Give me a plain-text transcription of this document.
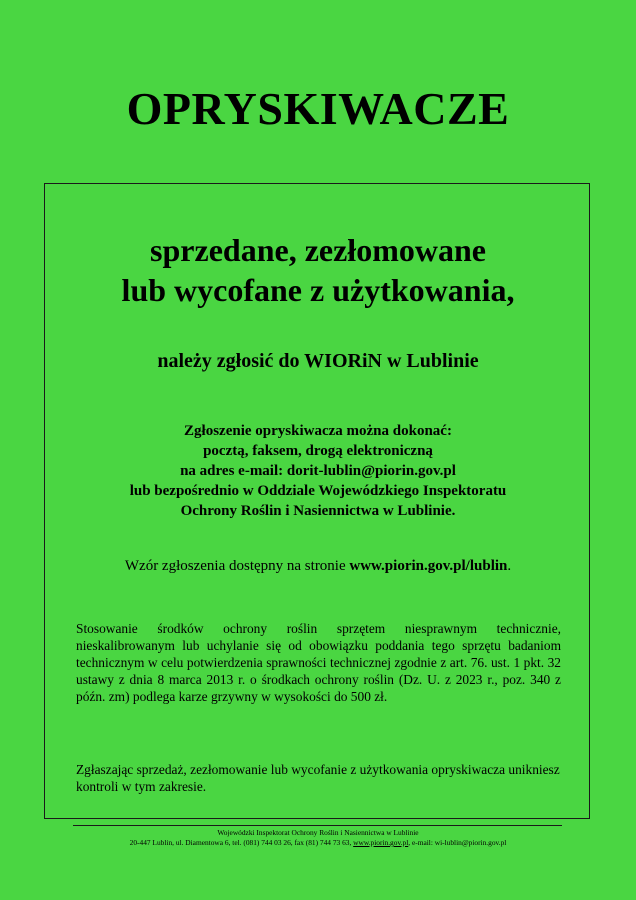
OPRYSKIWACZE
sprzedane, zezłomowane
lub wycofane z użytkowania,
należy zgłosić do WIORiN w Lublinie
Zgłoszenie opryskiwacza można dokonać:
pocztą, faksem, drogą elektroniczną
na adres e-mail: dorit-lublin@piorin.gov.pl
lub bezpośrednio w Oddziale Wojewódzkiego Inspektoratu
Ochrony Roślin i Nasiennictwa w Lublinie.
Wzór zgłoszenia dostępny na stronie www.piorin.gov.pl/lublin.
Stosowanie środków ochrony roślin sprzętem niesprawnym technicznie, nieskalibrowanym lub uchylanie się od obowiązku poddania tego sprzętu badaniom technicznym w celu potwierdzenia sprawności technicznej zgodnie z art. 76. ust. 1 pkt. 32 ustawy z dnia 8 marca 2013 r. o środkach ochrony roślin (Dz. U. z 2023 r., poz. 340 z późn. zm) podlega karze grzywny w wysokości do 500 zł.
Zgłaszając sprzedaż, zezłomowanie lub wycofanie z użytkowania opryskiwacza unikniesz kontroli w tym zakresie.
Wojewódzki Inspektorat Ochrony Roślin i Nasiennictwa w Lublinie
20-447 Lublin, ul. Diamentowa 6, tel. (081) 744 03 26, fax (81) 744 73 63, www.piorin.gov.pl, e-mail: wi-lublin@piorin.gov.pl
